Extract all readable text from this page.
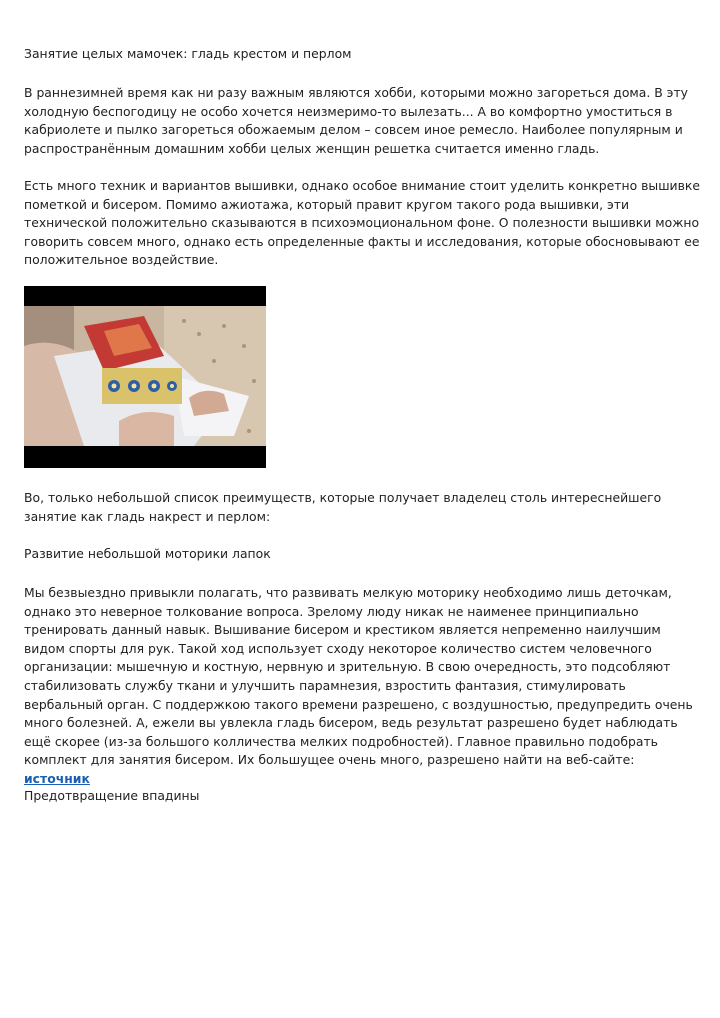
Занятие целых мамочек: гладь крестом и перлом

В раннезимней время как ни разу важным являются хобби, которыми можно загореться дома. В эту холодную беспогодицу не особо хочется неизмеримо-то вылезать... А во комфортно умоститься в кабриолете и пылко загореться обожаемым делом – совсем иное ремесло. Наиболее популярным и распространённым домашним хобби целых женщин решетка считается именно гладь.

Есть много техник и вариантов вышивки, однако особое внимание стоит уделить конкретно вышивке пометкой и бисером. Помимо ажиотажа, который правит кругом такого рода вышивки, эти технической положительно сказываются в психоэмоциональном фоне. О полезности вышивки можно говорить совсем много, однако есть определенные факты и исследования, которые обосновывают ее положительное воздействие.

Во, только небольшой список преимуществ, которые получает владелец столь интереснейшего занятие как гладь накрест и перлом:

Развитие небольшой моторики лапок

Мы безвыездно привыкли полагать, что развивать мелкую моторику необходимо лишь деточкам, однако это неверное толкование вопроса. Зрелому люду никак не наименее принципиально тренировать данный навык. Вышивание бисером и крестиком является непременно наилучшим видом спорты для рук. Такой ход использует сходу некоторое количество систем человечного организации: мышечную и костную, нервную и зрительную. В свою очередность, это подсобляют стабилизовать службу ткани и улучшить парамнезия, взростить фантазия, стимулировать вербальный орган. С поддержкою такого времени разрешено, с воздушностью, предупредить очень много болезней. А, ежели вы увлекла гладь бисером, ведь результат разрешено будет наблюдать ещё скорее (из-за большого колличества мелких подробностей). Главное правильно подобрать комплект для занятия бисером. Их большущее очень много, разрешено найти на веб-сайте: источник

Предотвращение впадины
